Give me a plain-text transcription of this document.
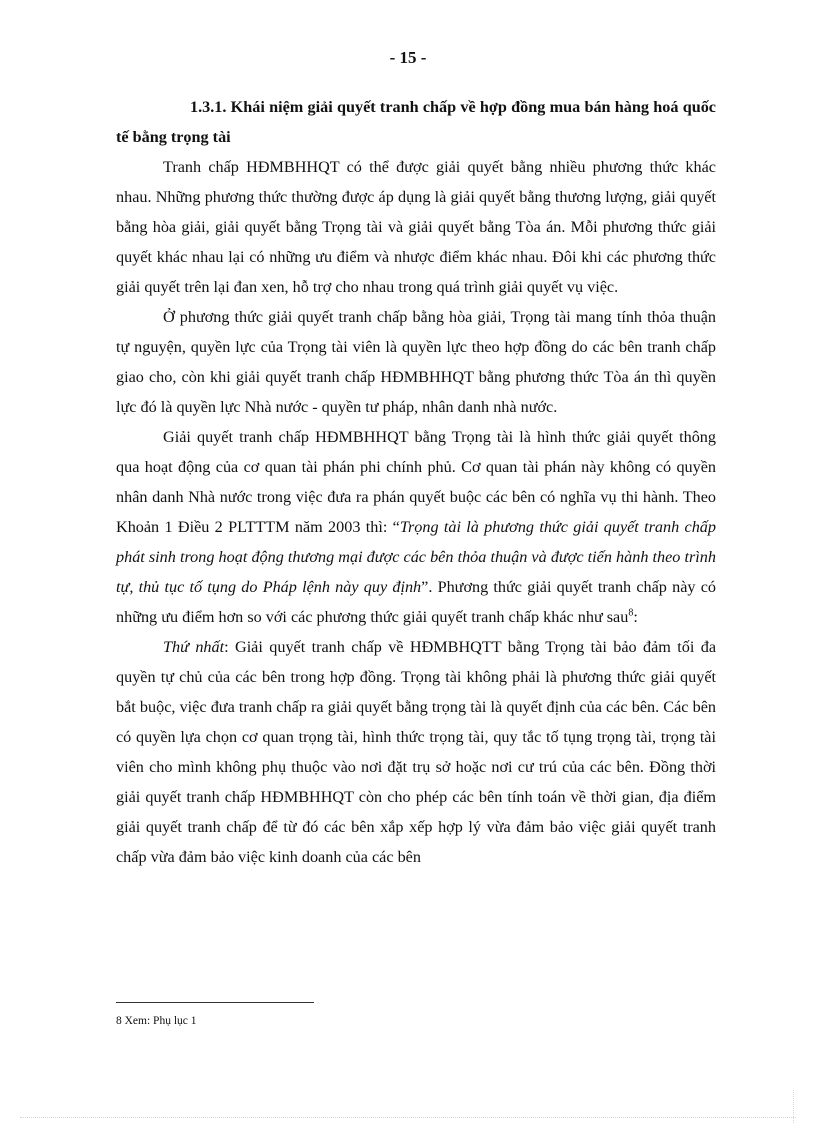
- 15 -

1.3.1. Khái niệm giải quyết tranh chấp về hợp đồng mua bán hàng hoá quốc tế bằng trọng tài

Tranh chấp HĐMBHHQT có thể được giải quyết bằng nhiều phương thức khác nhau. Những phương thức thường được áp dụng là giải quyết bằng thương lượng, giải quyết bằng hòa giải, giải quyết bằng Trọng tài và giải quyết bằng Tòa án. Mỗi phương thức giải quyết khác nhau lại có những ưu điểm và nhược điểm khác nhau. Đôi khi các phương thức giải quyết trên lại đan xen, hỗ trợ cho nhau trong quá trình giải quyết vụ việc.

Ở phương thức giải quyết tranh chấp bằng hòa giải, Trọng tài mang tính thỏa thuận tự nguyện, quyền lực của Trọng tài viên là quyền lực theo hợp đồng do các bên tranh chấp giao cho, còn khi giải quyết tranh chấp HĐMBHHQT bằng phương thức Tòa án thì quyền lực đó là quyền lực Nhà nước - quyền tư pháp, nhân danh nhà nước.

Giải quyết tranh chấp HĐMBHHQT bằng Trọng tài là hình thức giải quyết thông qua hoạt động của cơ quan tài phán phi chính phủ. Cơ quan tài phán này không có quyền nhân danh Nhà nước trong việc đưa ra phán quyết buộc các bên có nghĩa vụ thi hành. Theo Khoản 1 Điều 2 PLTTTM năm 2003 thì: “Trọng tài là phương thức giải quyết tranh chấp phát sinh trong hoạt động thương mại được các bên thỏa thuận và được tiến hành theo trình tự, thủ tục tố tụng do Pháp lệnh này quy định”. Phương thức giải quyết tranh chấp này có những ưu điểm hơn so với các phương thức giải quyết tranh chấp khác như sau$^8$:

Thứ nhất: Giải quyết tranh chấp về HĐMBHQTT bằng Trọng tài bảo đảm tối đa quyền tự chủ của các bên trong hợp đồng. Trọng tài không phải là phương thức giải quyết bắt buộc, việc đưa tranh chấp ra giải quyết bằng trọng tài là quyết định của các bên. Các bên có quyền lựa chọn cơ quan trọng tài, hình thức trọng tài, quy tắc tố tụng trọng tài, trọng tài viên cho mình không phụ thuộc vào nơi đặt trụ sở hoặc nơi cư trú của các bên. Đồng thời giải quyết tranh chấp HĐMBHHQT còn cho phép các bên tính toán về thời gian, địa điểm giải quyết tranh chấp để từ đó các bên xắp xếp hợp lý vừa đảm bảo việc giải quyết tranh chấp vừa đảm bảo việc kinh doanh của các bên

8 Xem: Phụ lục 1
